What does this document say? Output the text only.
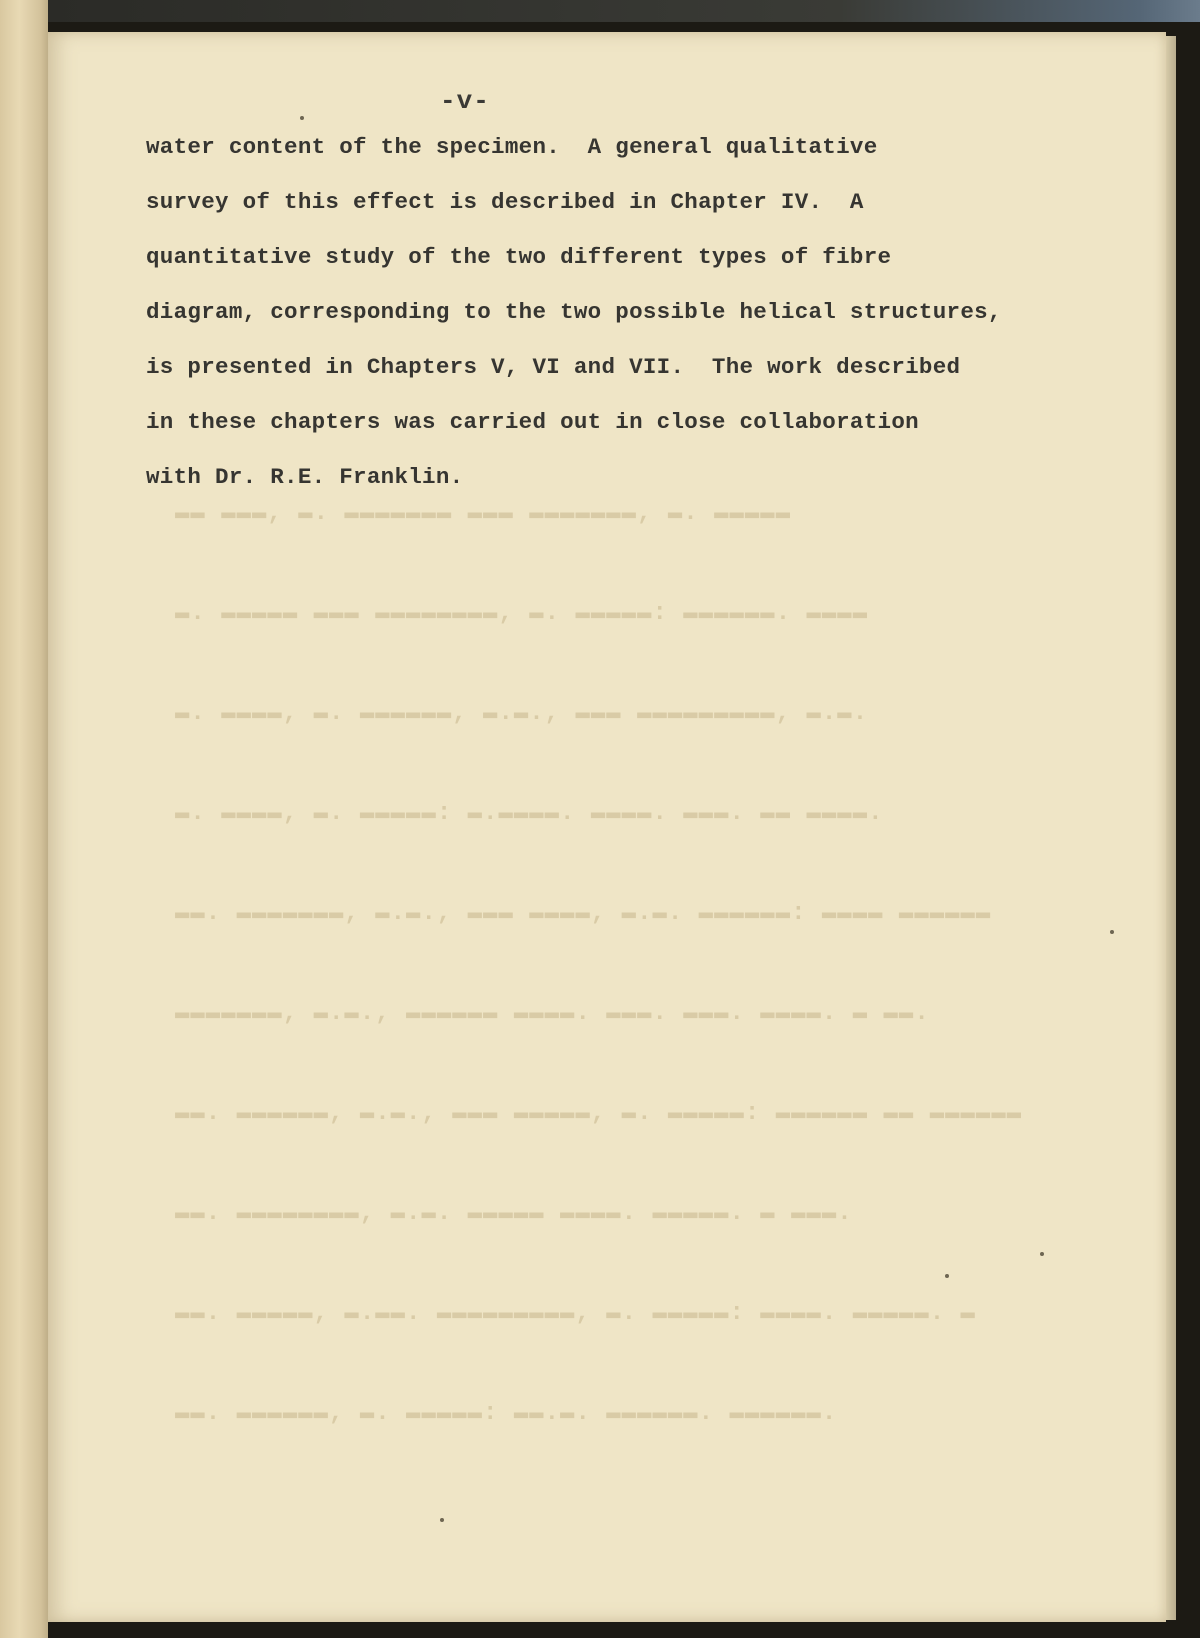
▬▬ ▬▬▬, ▬. ▬▬▬▬▬▬▬ ▬▬▬ ▬▬▬▬▬▬▬, ▬. ▬▬▬▬▬
▬. ▬▬▬▬▬ ▬▬▬ ▬▬▬▬▬▬▬▬, ▬. ▬▬▬▬▬: ▬▬▬▬▬▬. ▬▬▬▬
▬. ▬▬▬▬, ▬. ▬▬▬▬▬▬, ▬.▬., ▬▬▬ ▬▬▬▬▬▬▬▬▬, ▬.▬.
▬. ▬▬▬▬, ▬. ▬▬▬▬▬: ▬.▬▬▬▬. ▬▬▬▬. ▬▬▬. ▬▬ ▬▬▬▬.
▬▬. ▬▬▬▬▬▬▬, ▬.▬., ▬▬▬ ▬▬▬▬, ▬.▬. ▬▬▬▬▬▬: ▬▬▬▬ ▬▬▬▬▬▬
▬▬▬▬▬▬▬, ▬.▬., ▬▬▬▬▬▬ ▬▬▬▬. ▬▬▬. ▬▬▬. ▬▬▬▬. ▬ ▬▬.
▬▬. ▬▬▬▬▬▬, ▬.▬., ▬▬▬ ▬▬▬▬▬, ▬. ▬▬▬▬▬: ▬▬▬▬▬▬ ▬▬ ▬▬▬▬▬▬
▬▬. ▬▬▬▬▬▬▬▬, ▬.▬. ▬▬▬▬▬ ▬▬▬▬. ▬▬▬▬▬. ▬ ▬▬▬.
▬▬. ▬▬▬▬▬, ▬.▬▬. ▬▬▬▬▬▬▬▬▬, ▬. ▬▬▬▬▬: ▬▬▬▬. ▬▬▬▬▬. ▬
▬▬. ▬▬▬▬▬▬, ▬. ▬▬▬▬▬: ▬▬.▬. ▬▬▬▬▬▬. ▬▬▬▬▬▬.
-v-
water content of the specimen.  A general qualitative
survey of this effect is described in Chapter IV.  A
quantitative study of the two different types of fibre
diagram, corresponding to the two possible helical structures,
is presented in Chapters V, VI and VII.  The work described
in these chapters was carried out in close collaboration
with Dr. R.E. Franklin.
